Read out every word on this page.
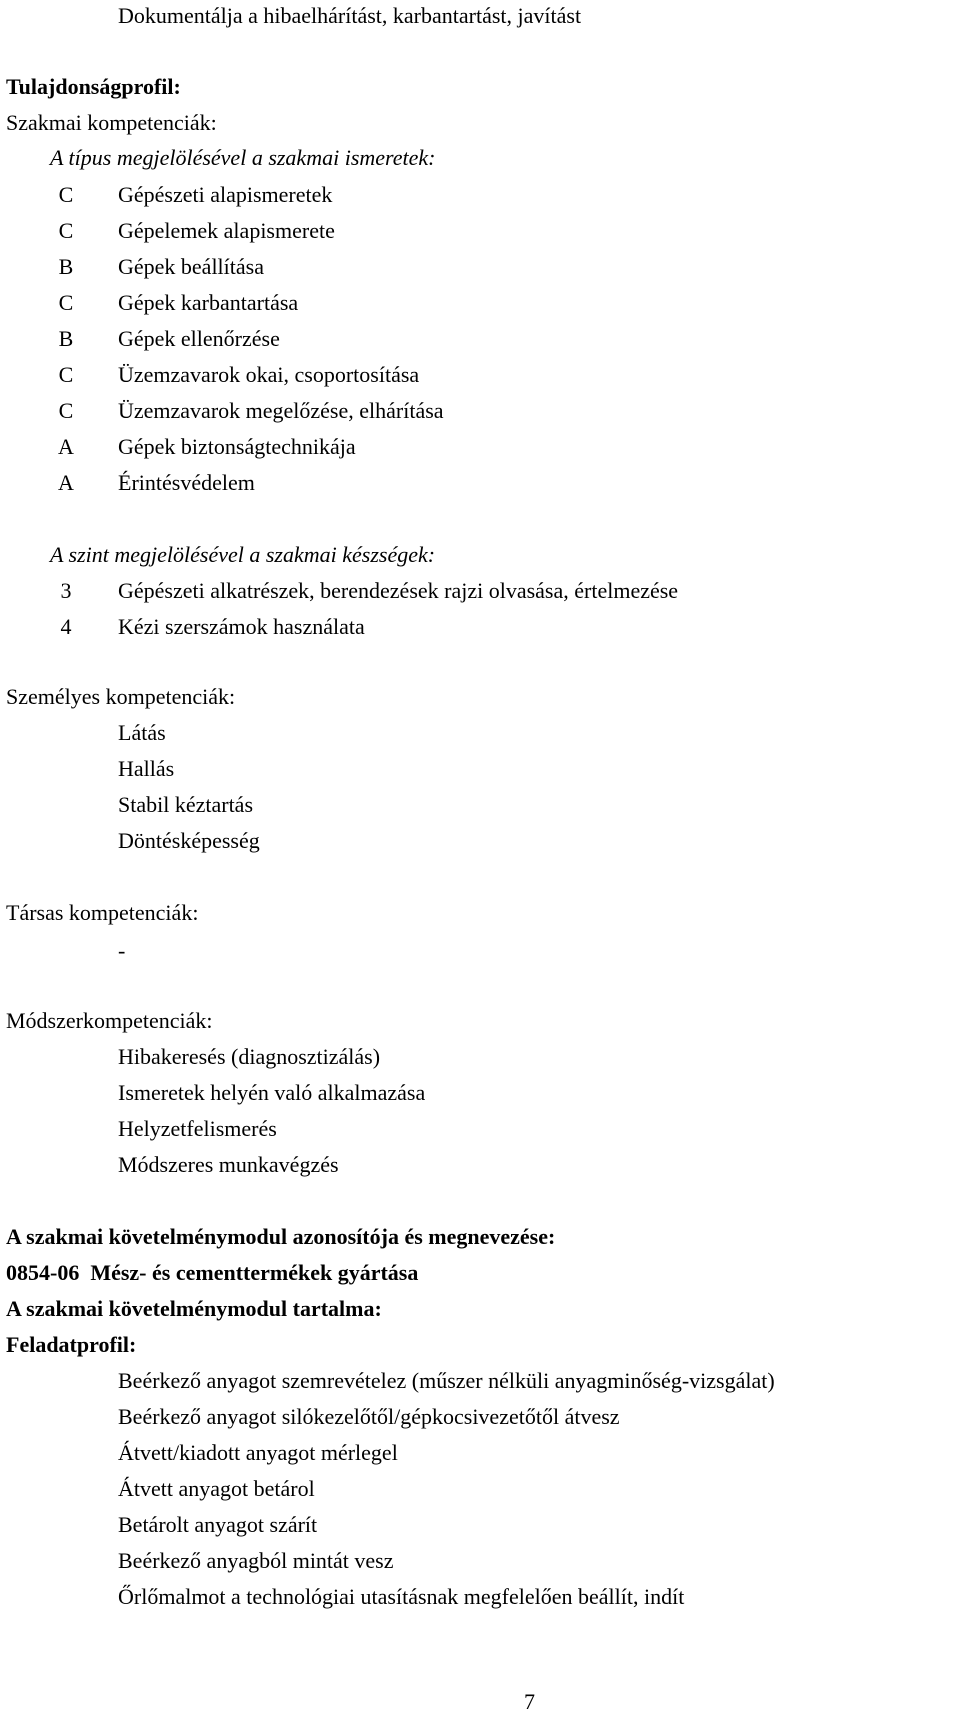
Dokumentálja a hibaelhárítást, karbantartást, javítást
Tulajdonságprofil:
Szakmai kompetenciák:
A típus megjelölésével a szakmai ismeretek:
C Gépészeti alapismeretek
C Gépelemek alapismerete
B Gépek beállítása
C Gépek karbantartása
B Gépek ellenőrzése
C Üzemzavarok okai, csoportosítása
C Üzemzavarok megelőzése, elhárítása
A Gépek biztonságtechnikája
A Érintésvédelem
A szint megjelölésével a szakmai készségek:
3 Gépészeti alkatrészek, berendezések rajzi olvasása, értelmezése
4 Kézi szerszámok használata
Személyes kompetenciák:
Látás
Hallás
Stabil kéztartás
Döntésképesség
Társas kompetenciák:
-
Módszerkompetenciák:
Hibakeresés (diagnosztizálás)
Ismeretek helyén való alkalmazása
Helyzetfelismerés
Módszeres munkavégzés
A szakmai követelménymodul azonosítója és megnevezése:
0854-06  Mész- és cementtermékek gyártása
A szakmai követelménymodul tartalma:
Feladatprofil:
Beérkező anyagot szemrevételez (műszer nélküli anyagminőség-vizsgálat)
Beérkező anyagot silókezelőtől/gépkocsivezetőtől átvesz
Átvett/kiadott anyagot mérlegel
Átvett anyagot betárol
Betárolt anyagot szárít
Beérkező anyagból mintát vesz
Őrlőmalmot a technológiai utasításnak megfelelően beállít, indít
7
